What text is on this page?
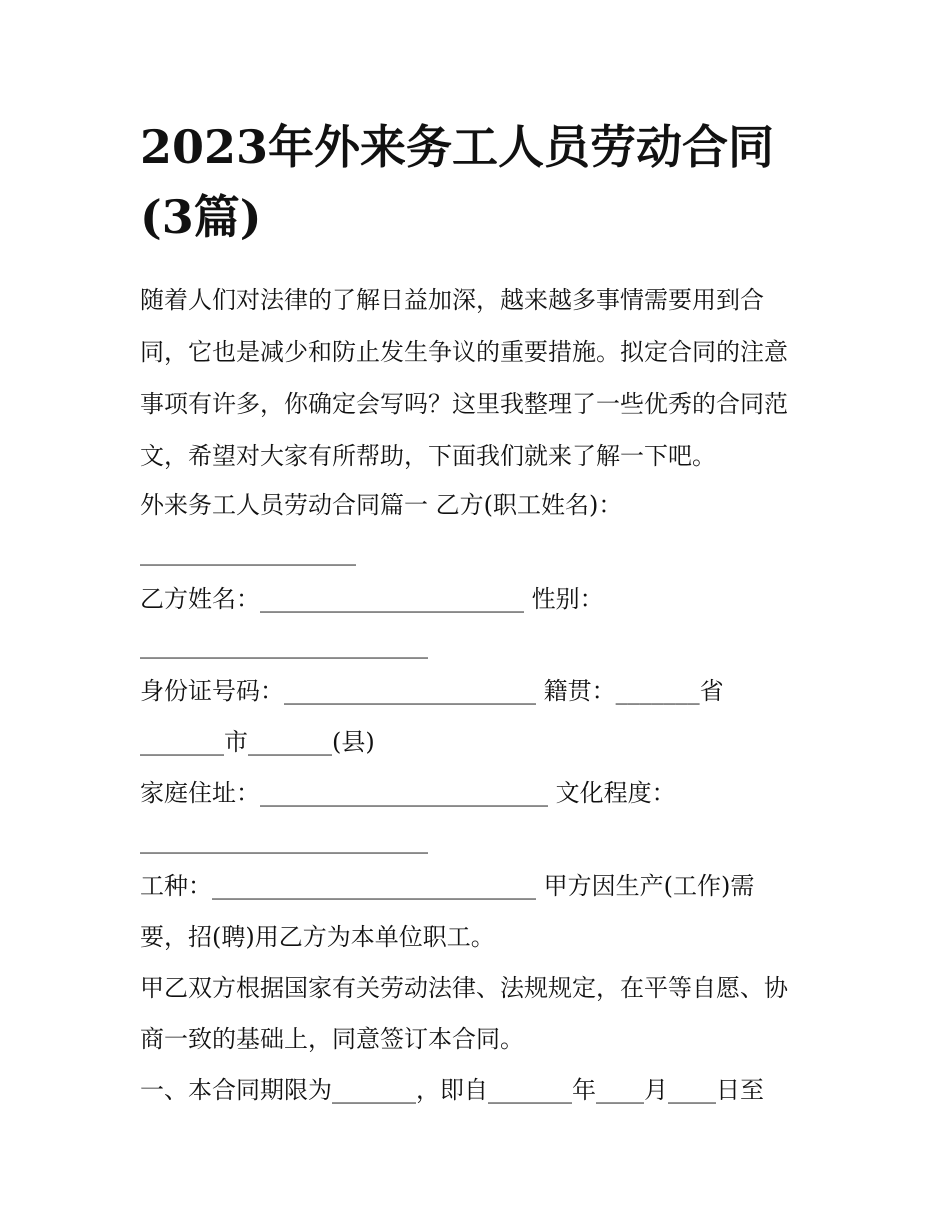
2023年外来务工人员劳动合同
(3篇)

随着人们对法律的了解日益加深，越来越多事情需要用到合

同，它也是减少和防止发生争议的重要措施。拟定合同的注意

事项有许多，你确定会写吗？这里我整理了一些优秀的合同范

文，希望对大家有所帮助，下面我们就来了解一下吧。

外来务工人员劳动合同篇一 乙方(职工姓名)：

__________________

乙方姓名：______________________ 性别：

________________________

身份证号码：_____________________ 籍贯：_______省

_______市_______(县)

家庭住址：________________________ 文化程度：

________________________

工种：___________________________ 甲方因生产(工作)需

要，招(聘)用乙方为本单位职工。

甲乙双方根据国家有关劳动法律、法规规定，在平等自愿、协

商一致的基础上，同意签订本合同。

一、本合同期限为_______，即自_______年____月____日至
